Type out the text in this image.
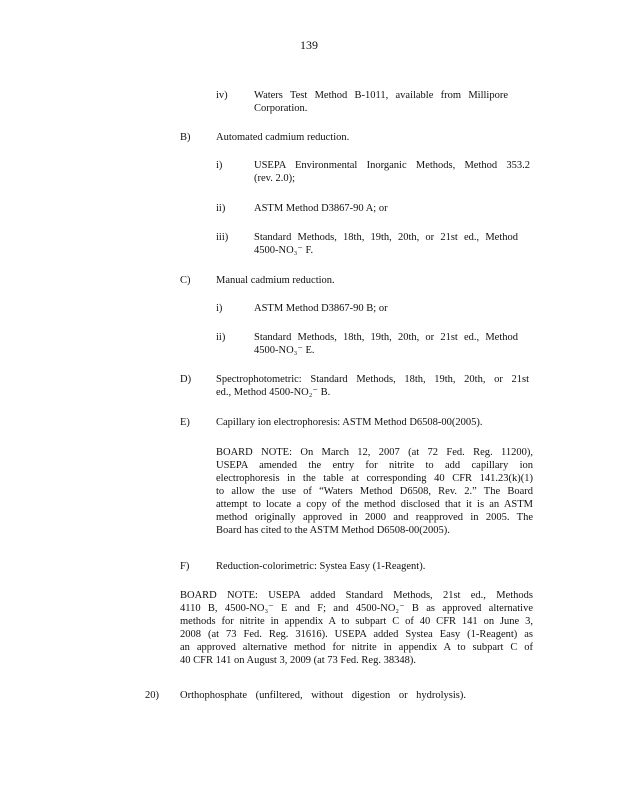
139
iv)	Waters Test Method B-1011, available from Millipore
Corporation.
B) Automated cadmium reduction.
i)	USEPA Environmental Inorganic Methods, Method 353.2
(rev. 2.0);
ii)	ASTM Method D3867-90 A; or
iii) Standard Methods, 18th, 19th, 20th, or 21st ed., Method
4500-NO₃⁻ F.
C) Manual cadmium reduction.
i)	ASTM Method D3867-90 B; or
ii)	Standard Methods, 18th, 19th, 20th, or 21st ed., Method
4500-NO₃⁻ E.
D) Spectrophotometric: Standard Methods, 18th, 19th, 20th, or 21st
ed., Method 4500-NO₂⁻ B.
E) Capillary ion electrophoresis: ASTM Method D6508-00(2005).
BOARD NOTE: On March 12, 2007 (at 72 Fed. Reg. 11200),
USEPA amended the entry for nitrite to add capillary ion
electrophoresis in the table at corresponding 40 CFR 141.23(k)(1)
to allow the use of “Waters Method D6508, Rev. 2.” The Board
attempt to locate a copy of the method disclosed that it is an ASTM
method originally approved in 2000 and reapproved in 2005. The
Board has cited to the ASTM Method D6508-00(2005).
F)	Reduction-colorimetric: Systea Easy (1-Reagent).
BOARD NOTE: USEPA added Standard Methods, 21st ed., Methods
4110 B, 4500-NO₃⁻ E and F; and 4500-NO₂⁻ B as approved alternative
methods for nitrite in appendix A to subpart C of 40 CFR 141 on June 3,
2008 (at 73 Fed. Reg. 31616). USEPA added Systea Easy (1-Reagent) as
an approved alternative method for nitrite in appendix A to subpart C of
40 CFR 141 on August 3, 2009 (at 73 Fed. Reg. 38348).
20) Orthophosphate (unfiltered, without digestion or hydrolysis).
